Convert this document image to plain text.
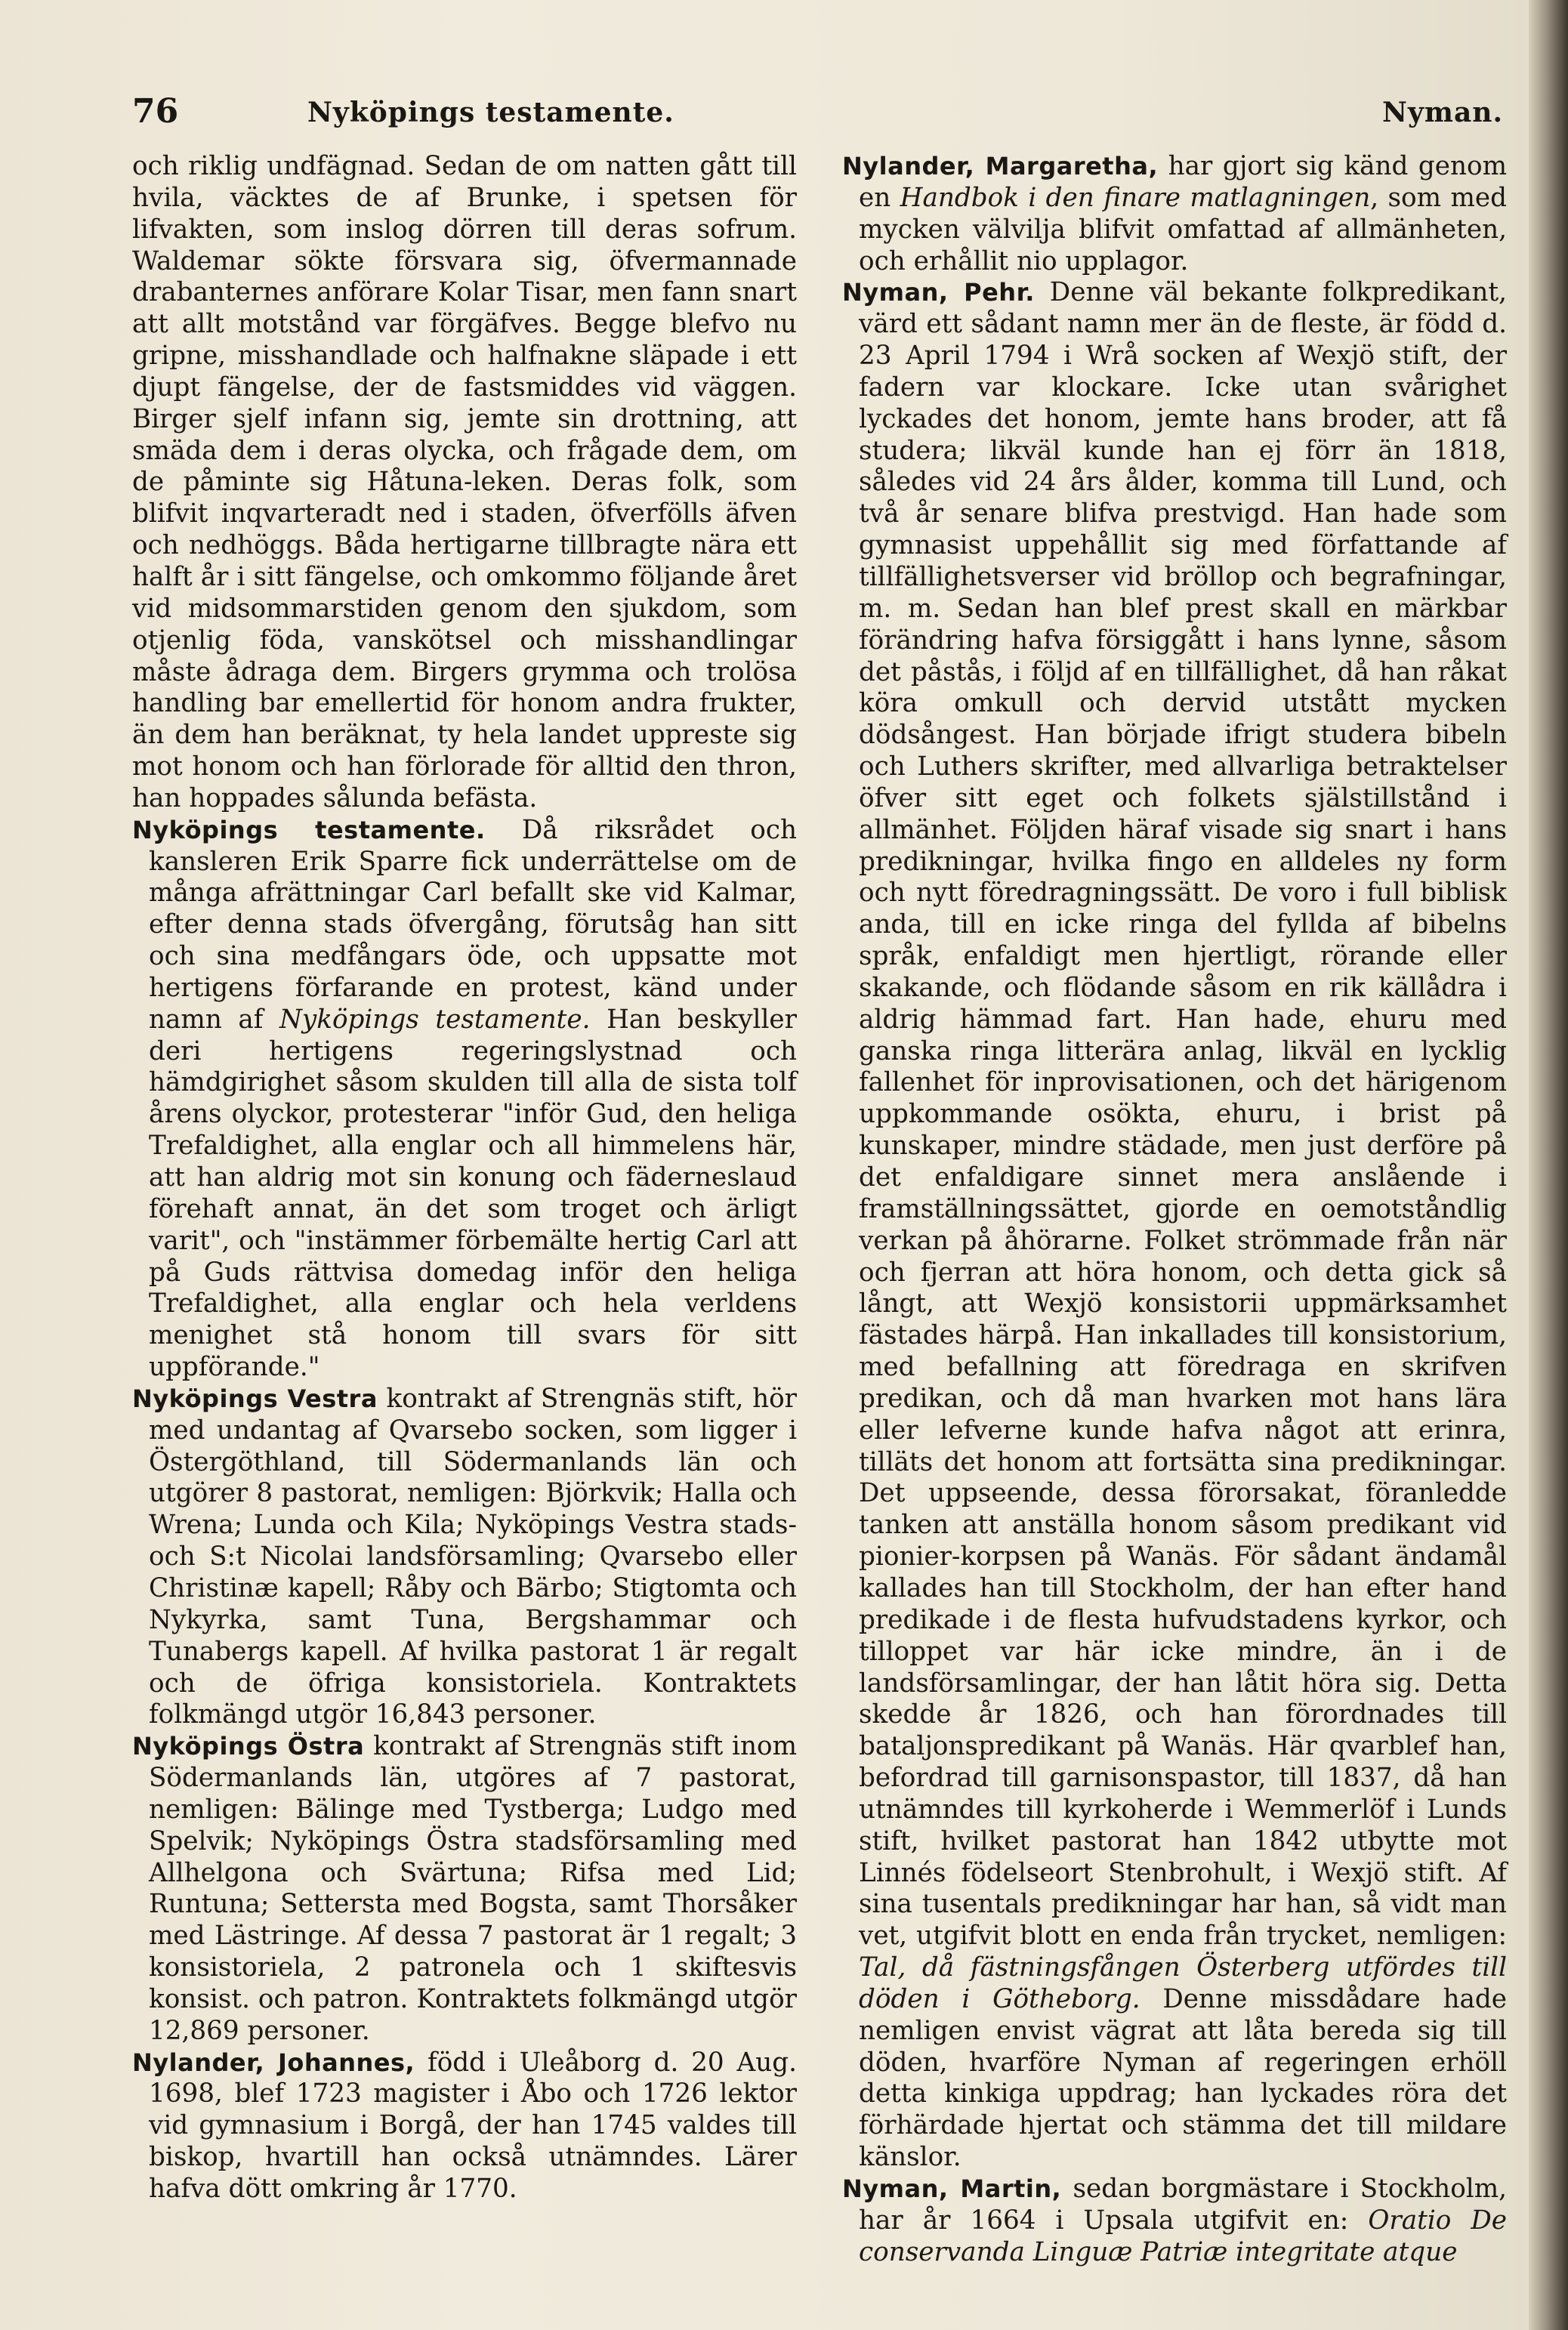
76	Nyköpings testamente.	Nyman.

och riklig undfägnad. Sedan de om natten gått till hvila, väcktes de af Brunke, i spetsen för lifvakten, som inslog dörren till deras sofrum. Waldemar sökte försvara sig, öfvermannade drabanternes anförare Kolar Tisar, men fann snart att allt motstånd var förgäfves. Begge blefvo nu gripne, misshandlade och halfnakne släpade i ett djupt fängelse, der de fastsmiddes vid väggen. Birger sjelf infann sig, jemte sin drottning, att smäda dem i deras olycka, och frågade dem, om de påminte sig Håtuna-leken. Deras folk, som blifvit inqvarteradt ned i staden, öfverfölls äfven och nedhöggs. Båda hertigarne tillbragte nära ett halft år i sitt fängelse, och omkommo följande året vid midsommarstiden genom den sjukdom, som otjenlig föda, vanskötsel och misshandlingar måste ådraga dem. Birgers grymma och trolösa handling bar emellertid för honom andra frukter, än dem han beräknat, ty hela landet uppreste sig mot honom och han förlorade för alltid den thron, han hoppades sålunda befästa.

Nyköpings testamente. Då riksrådet och kansleren Erik Sparre fick underrättelse om de många afrättningar Carl befallt ske vid Kalmar, efter denna stads öfvergång, förutsåg han sitt och sina medfångars öde, och uppsatte mot hertigens förfarande en protest, känd under namn af Nyköpings testamente. Han beskyller deri hertigens regeringslystnad och hämdgirighet såsom skulden till alla de sista tolf årens olyckor, protesterar "inför Gud, den heliga Trefaldighet, alla englar och all himmelens här, att han aldrig mot sin konung och fäderneslaud förehaft annat, än det som troget och ärligt varit", och "instämmer förbemälte hertig Carl att på Guds rättvisa domedag inför den heliga Trefaldighet, alla englar och hela verldens menighet stå honom till svars för sitt uppförande."

Nyköpings Vestra kontrakt af Strengnäs stift, hör med undantag af Qvarsebo socken, som ligger i Östergöthland, till Södermanlands län och utgörer 8 pastorat, nemligen: Björkvik; Halla och Wrena; Lunda och Kila; Nyköpings Vestra stads- och S:t Nicolai landsförsamling; Qvarsebo eller Christinæ kapell; Råby och Bärbo; Stigtomta och Nykyrka, samt Tuna, Bergshammar och Tunabergs kapell. Af hvilka pastorat 1 är regalt och de öfriga konsistoriela. Kontraktets folkmängd utgör 16,843 personer.

Nyköpings Östra kontrakt af Strengnäs stift inom Södermanlands län, utgöres af 7 pastorat, nemligen: Bälinge med Tystberga; Ludgo med Spelvik; Nyköpings Östra stadsförsamling med Allhelgona och Svärtuna; Rifsa med Lid; Runtuna; Settersta med Bogsta, samt Thorsåker med Lästringe. Af dessa 7 pastorat är 1 regalt; 3 konsistoriela, 2 patronela och 1 skiftesvis konsist. och patron. Kontraktets folkmängd utgör 12,869 personer.

Nylander, Johannes, född i Uleåborg d. 20 Aug. 1698, blef 1723 magister i Åbo och 1726 lektor vid gymnasium i Borgå, der han 1745 valdes till biskop, hvartill han också utnämndes. Lärer hafva dött omkring år 1770.

Nylander, Margaretha, har gjort sig känd genom en Handbok i den finare matlagningen, som med mycken välvilja blifvit omfattad af allmänheten, och erhållit nio upplagor.

Nyman, Pehr. Denne väl bekante folkpredikant, värd ett sådant namn mer än de fleste, är född d. 23 April 1794 i Wrå socken af Wexjö stift, der fadern var klockare. Icke utan svårighet lyckades det honom, jemte hans broder, att få studera; likväl kunde han ej förr än 1818, således vid 24 års ålder, komma till Lund, och två år senare blifva prestvigd. Han hade som gymnasist uppehållit sig med författande af tillfällighetsverser vid bröllop och begrafningar, m. m. Sedan han blef prest skall en märkbar förändring hafva försiggått i hans lynne, såsom det påstås, i följd af en tillfällighet, då han råkat köra omkull och dervid utstått mycken dödsångest. Han började ifrigt studera bibeln och Luthers skrifter, med allvarliga betraktelser öfver sitt eget och folkets själstillstånd i allmänhet. Följden häraf visade sig snart i hans predikningar, hvilka fingo en alldeles ny form och nytt föredragningssätt. De voro i full biblisk anda, till en icke ringa del fyllda af bibelns språk, enfaldigt men hjertligt, rörande eller skakande, och flödande såsom en rik källådra i aldrig hämmad fart. Han hade, ehuru med ganska ringa litterära anlag, likväl en lycklig fallenhet för inprovisationen, och det härigenom uppkommande osökta, ehuru, i brist på kunskaper, mindre städade, men just derföre på det enfaldigare sinnet mera anslående i framställningssättet, gjorde en oemotståndlig verkan på åhörarne. Folket strömmade från när och fjerran att höra honom, och detta gick så långt, att Wexjö konsistorii uppmärksamhet fästades härpå. Han inkallades till konsistorium, med befallning att föredraga en skrifven predikan, och då man hvarken mot hans lära eller lefverne kunde hafva något att erinra, tilläts det honom att fortsätta sina predikningar. Det uppseende, dessa förorsakat, föranledde tanken att anställa honom såsom predikant vid pionier-korpsen på Wanäs. För sådant ändamål kallades han till Stockholm, der han efter hand predikade i de flesta hufvudstadens kyrkor, och tilloppet var här icke mindre, än i de landsförsamlingar, der han låtit höra sig. Detta skedde år 1826, och han förordnades till bataljonspredikant på Wanäs. Här qvarblef han, befordrad till garnisonspastor, till 1837, då han utnämndes till kyrkoherde i Wemmerlöf i Lunds stift, hvilket pastorat han 1842 utbytte mot Linnés födelseort Stenbrohult, i Wexjö stift. Af sina tusentals predikningar har han, så vidt man vet, utgifvit blott en enda från trycket, nemligen: Tal, då fästningsfången Österberg utfördes till döden i Götheborg. Denne missdådare hade nemligen envist vägrat att låta bereda sig till döden, hvarföre Nyman af regeringen erhöll detta kinkiga uppdrag; han lyckades röra det förhärdade hjertat och stämma det till mildare känslor.

Nyman, Martin, sedan borgmästare i Stockholm, har år 1664 i Upsala utgifvit en: Oratio De conservanda Linguæ Patriæ integritate atque
